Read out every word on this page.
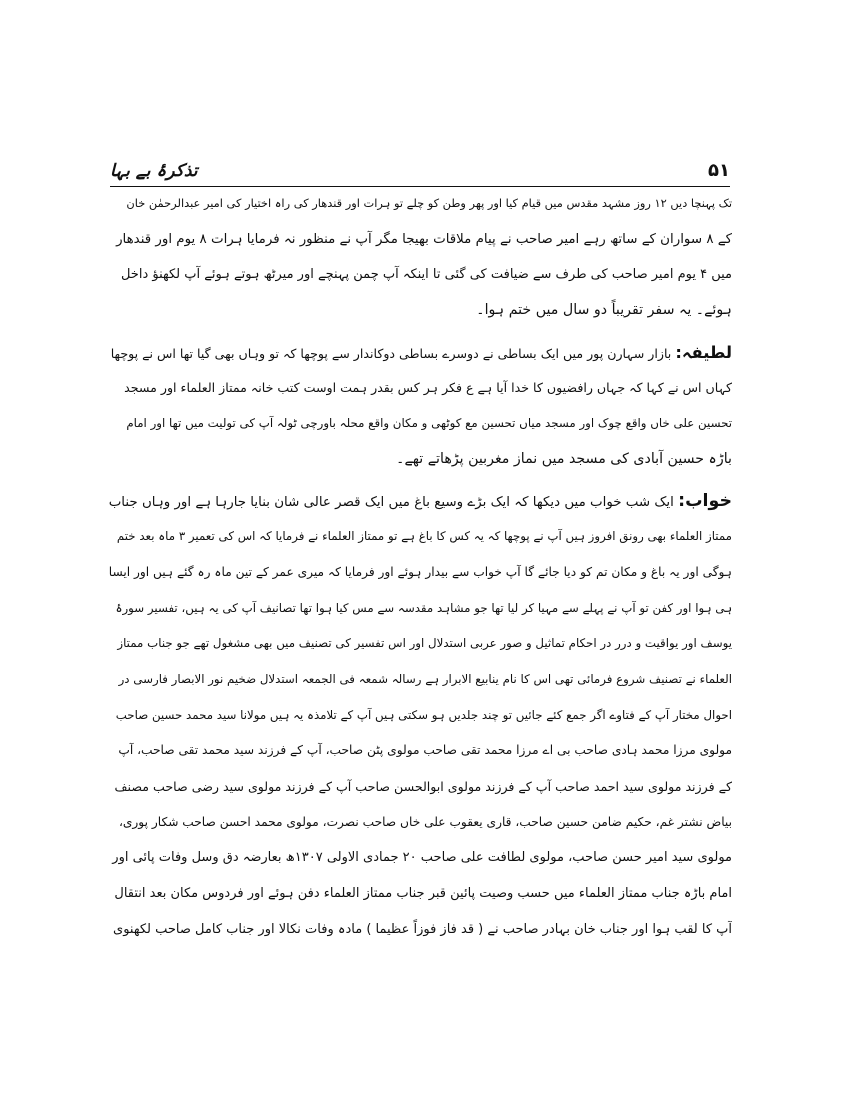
۵۱
تذکرۂ بے بہا
تک پہنچا دیں ۱۲ روز مشہد مقدس میں قیام کیا اور پھر وطن کو چلے تو ہرات اور قندھار کی راہ اختیار کی امیر عبدالرحمٰن خان
کے ۸ سواران کے ساتھ رہے امیر صاحب نے پیام ملاقات بھیجا مگر آپ نے منظور نہ فرمایا ہرات ۸ یوم اور قندھار
میں ۴ یوم امیر صاحب کی طرف سے ضیافت کی گئی تا اینکہ آپ چمن پہنچے اور میرٹھ ہوتے ہوئے آپ لکھنؤ داخل
ہوئے۔ یہ سفر تقریباً دو سال میں ختم ہوا۔
لطیفہ: بازار سہارن پور میں ایک بساطی نے دوسرے بساطی دوکاندار سے پوچھا کہ تو وہاں بھی گیا تھا اس نے پوچھا
کہاں اس نے کہا کہ جہاں رافضیوں کا خدا آیا ہے ع فکر ہر کس بقدر ہمت اوست کتب خانہ ممتاز العلماء اور مسجد
تحسین علی خاں واقع چوک اور مسجد میاں تحسین مع کوٹھی و مکان واقع محلہ باورچی ٹولہ آپ کی تولیت میں تھا اور امام
باڑہ حسین آبادی کی مسجد میں نماز مغربین پڑھاتے تھے۔
خواب: ایک شب خواب میں دیکھا کہ ایک بڑے وسیع باغ میں ایک قصر عالی شان بنایا جارہا ہے اور وہاں جناب
ممتاز العلماء بھی رونق افروز ہیں آپ نے پوچھا کہ یہ کس کا باغ ہے تو ممتاز العلماء نے فرمایا کہ اس کی تعمیر ۳ ماہ بعد ختم
ہوگی اور یہ باغ و مکان تم کو دیا جائے گا آپ خواب سے بیدار ہوئے اور فرمایا کہ میری عمر کے تین ماہ رہ گئے ہیں اور ایسا
ہی ہوا اور کفن تو آپ نے پہلے سے مہیا کر لیا تھا جو مشاہد مقدسہ سے مس کیا ہوا تھا تصانیف آپ کی یہ ہیں، تفسیر سورۂ
یوسف اور یواقیت و درر در احکام تماثیل و صور عربی استدلال اور اس تفسیر کی تصنیف میں بھی مشغول تھے جو جناب ممتاز
العلماء نے تصنیف شروع فرمائی تھی اس کا نام ینابیع الابرار ہے رسالہ شمعہ فی الجمعہ استدلال ضخیم نور الابصار فارسی در
احوال مختار آپ کے فتاوے اگر جمع کئے جائیں تو چند جلدیں ہو سکتی ہیں آپ کے تلامذہ یہ ہیں مولانا سید محمد حسین صاحب
مولوی مرزا محمد ہادی صاحب بی اے مرزا محمد تقی صاحب مولوی پٹن صاحب، آپ کے فرزند سید محمد تقی صاحب، آپ
کے فرزند مولوی سید احمد صاحب آپ کے فرزند مولوی ابوالحسن صاحب آپ کے فرزند مولوی سید رضی صاحب مصنف
بیاض نشتر غم، حکیم ضامن حسین صاحب، قاری یعقوب علی خاں صاحب نصرت، مولوی محمد احسن صاحب شکار پوری،
مولوی سید امیر حسن صاحب، مولوی لطافت علی صاحب ۲۰ جمادی الاولی ۱۳۰۷ھ بعارضہ دق وسل وفات پائی اور
امام باڑہ جناب ممتاز العلماء میں حسب وصیت پائین قبر جناب ممتاز العلماء دفن ہوئے اور فردوس مکان بعد انتقال
آپ کا لقب ہوا اور جناب خان بہادر صاحب نے ( قد فاز فوزاً عظیما ) مادہ وفات نکالا اور جناب کامل صاحب لکھنوی
